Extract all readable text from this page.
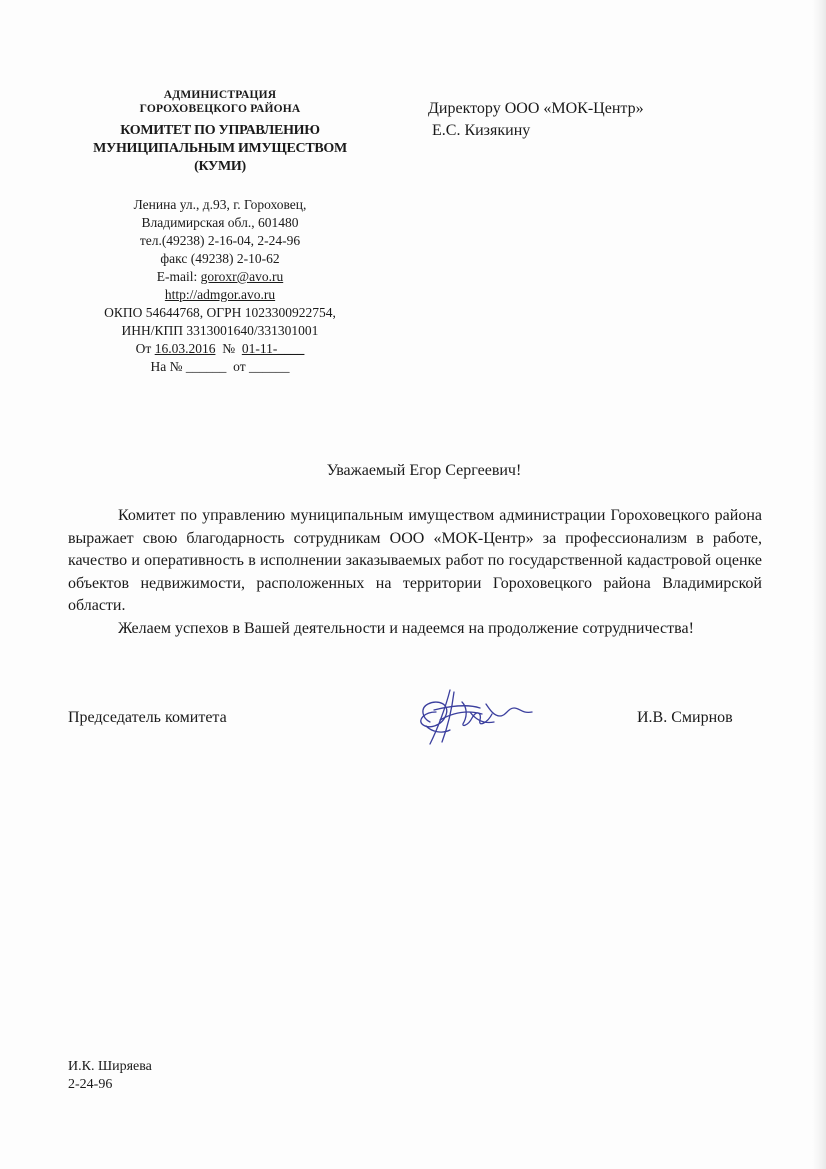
АДМИНИСТРАЦИЯ
ГОРОХОВЕЦКОГО РАЙОНА
КОМИТЕТ ПО УПРАВЛЕНИЮ
МУНИЦИПАЛЬНЫМ ИМУЩЕСТВОМ
(КУМИ)
Ленина ул., д.93, г. Гороховец,
Владимирская обл., 601480
тел.(49238) 2-16-04, 2-24-96
факс (49238) 2-10-62
E-mail: goroxr@avo.ru
http://admgor.avo.ru
ОКПО 54644768, ОГРН 1023300922754,
ИНН/КПП 3313001640/331301001
От 16.03.2016  №  01-11-____
На № ______  от ______
Директору ООО «МОК-Центр»
Е.С. Кизякину
Уважаемый Егор Сергеевич!

Комитет по управлению муниципальным имуществом администрации Гороховецкого района выражает свою благодарность сотрудникам ООО «МОК-Центр» за профессионализм в работе, качество и оперативность в исполнении заказываемых работ по государственной кадастровой оценке объектов недвижимости, расположенных на территории Гороховецкого района Владимирской области.

Желаем успехов в Вашей деятельности и надеемся на продолжение сотрудничества!

Председатель комитета	И.В. Смирнов
И.К. Ширяева
2-24-96
